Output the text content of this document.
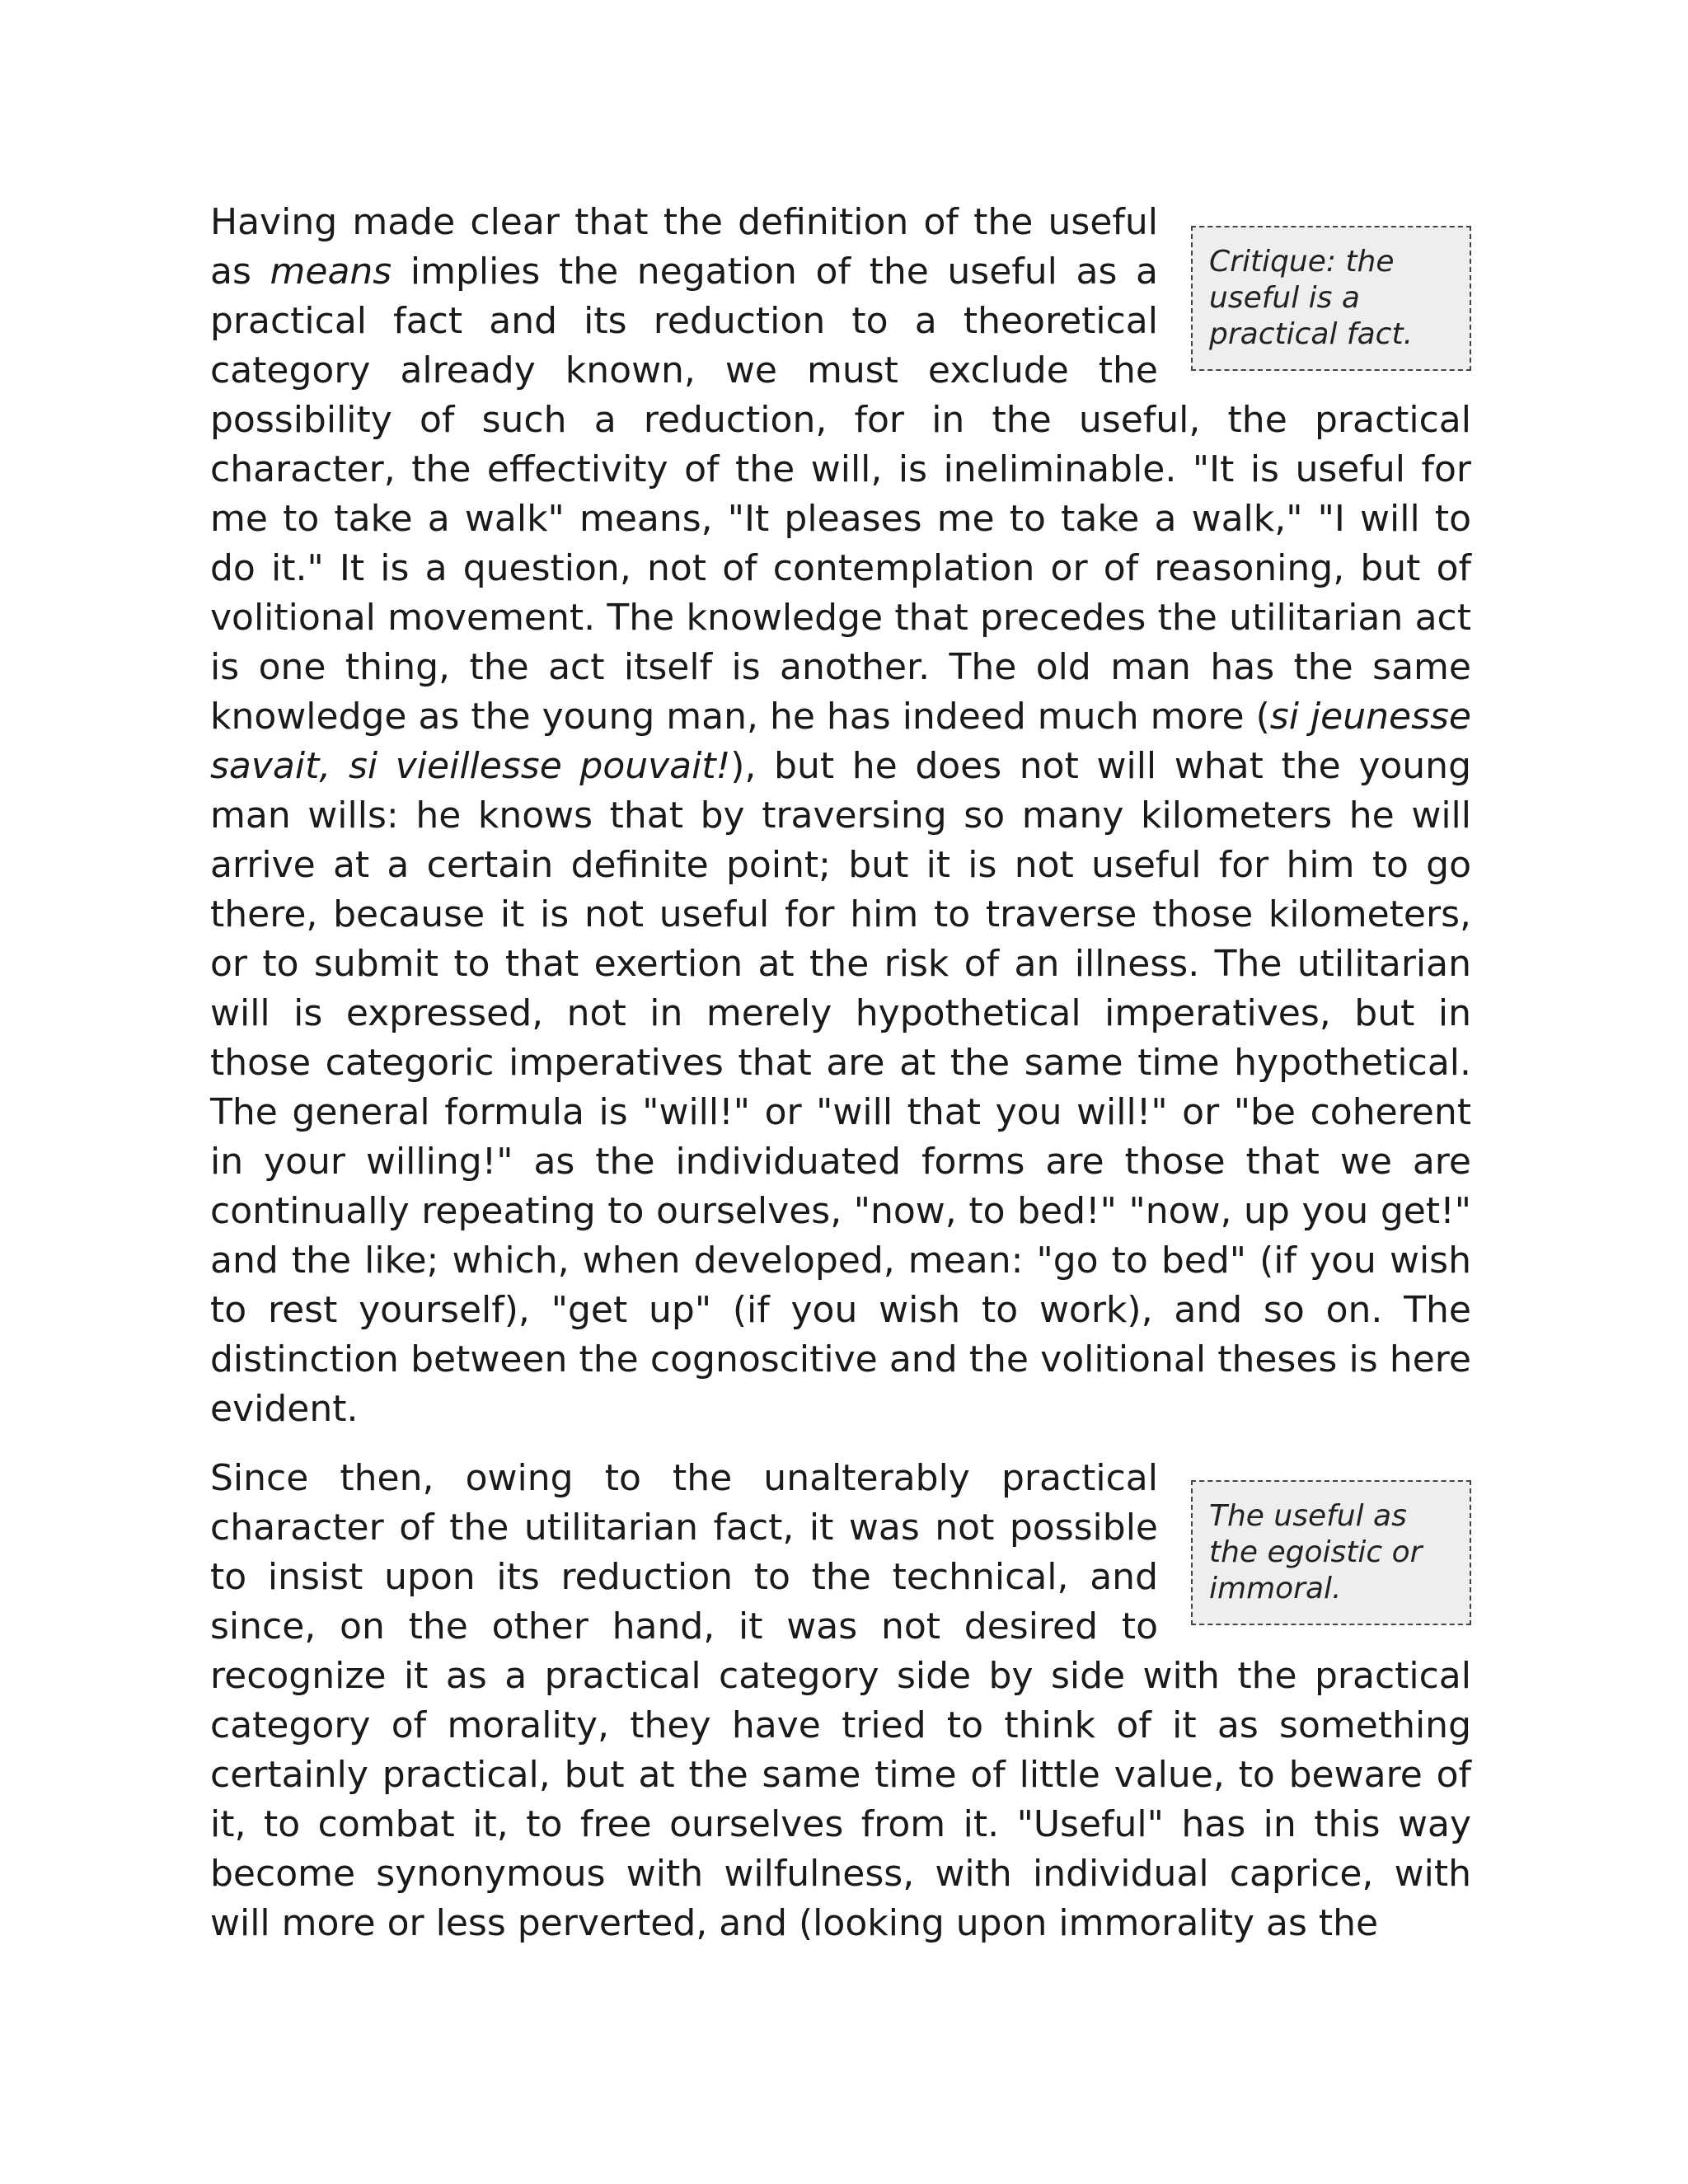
Critique: the useful is a practical fact.

Having made clear that the definition of the useful as means implies the negation of the useful as a practical fact and its reduction to a theoretical category already known, we must exclude the possibility of such a reduction, for in the useful, the practical character, the effectivity of the will, is ineliminable. "It is useful for me to take a walk" means, "It pleases me to take a walk," "I will to do it." It is a question, not of contemplation or of reasoning, but of volitional movement. The knowledge that precedes the utilitarian act is one thing, the act itself is another. The old man has the same knowledge as the young man, he has indeed much more (si jeunesse savait, si vieillesse pouvait!), but he does not will what the young man wills: he knows that by traversing so many kilometers he will arrive at a certain definite point; but it is not useful for him to go there, because it is not useful for him to traverse those kilometers, or to submit to that exertion at the risk of an illness. The utilitarian will is expressed, not in merely hypothetical imperatives, but in those categoric imperatives that are at the same time hypothetical. The general formula is "will!" or "will that you will!" or "be coherent in your willing!" as the individuated forms are those that we are continually repeating to ourselves, "now, to bed!" "now, up you get!" and the like; which, when developed, mean: "go to bed" (if you wish to rest yourself), "get up" (if you wish to work), and so on. The distinction between the cognoscitive and the volitional theses is here evident.

The useful as the egoistic or immoral.

Since then, owing to the unalterably practical character of the utilitarian fact, it was not possible to insist upon its reduction to the technical, and since, on the other hand, it was not desired to recognize it as a practical category side by side with the practical category of morality, they have tried to think of it as something certainly practical, but at the same time of little value, to beware of it, to combat it, to free ourselves from it. "Useful" has in this way become synonymous with wilfulness, with individual caprice, with will more or less perverted, and (looking upon immorality as the
